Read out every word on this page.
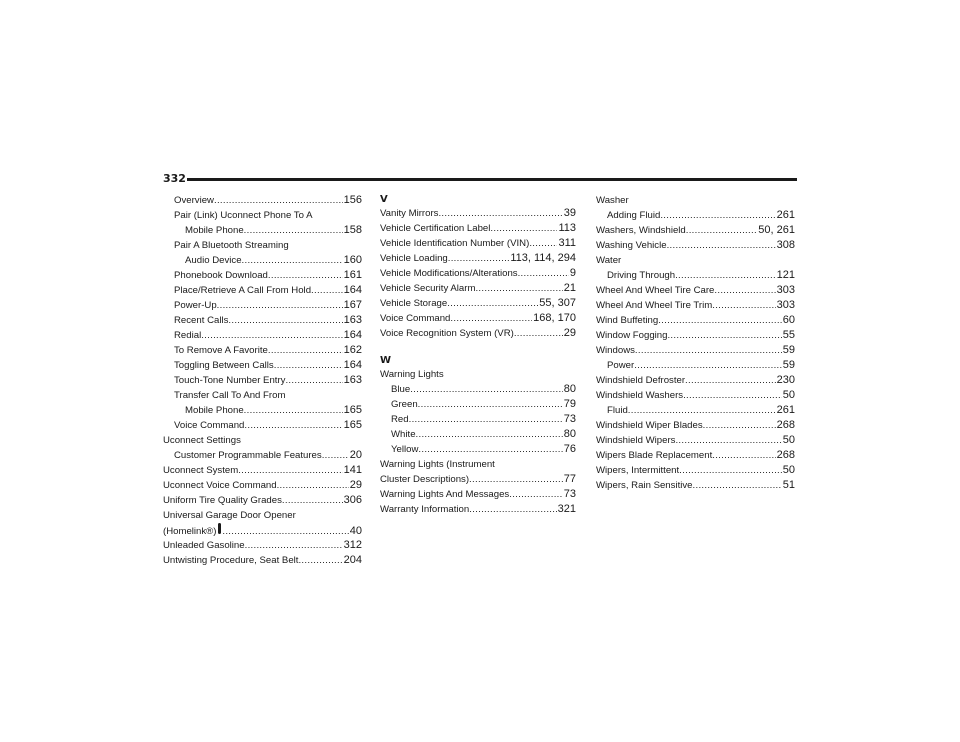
332
Overview .....	156
Pair (Link) Uconnect Phone To A
Mobile Phone .....	158
Pair A Bluetooth Streaming
Audio Device .....	160
Phonebook Download .....	161
Place/Retrieve A Call From Hold .....	164
Power-Up .....	167
Recent Calls .....	163
Redial .....	164
To Remove A Favorite .....	162
Toggling Between Calls .....	164
Touch-Tone Number Entry .....	163
Transfer Call To And From
Mobile Phone .....	165
Voice Command .....	165
Uconnect Settings
Customer Programmable Features .....	20
Uconnect System .....	141
Uconnect Voice Command .....	29
Uniform Tire Quality Grades .....	306
Universal Garage Door Opener
(Homelink®) .....	40
Unleaded Gasoline .....	312
Untwisting Procedure, Seat Belt .....	204
V
Vanity Mirrors .....	39
Vehicle Certification Label .....	113
Vehicle Identification Number (VIN) .....	311
Vehicle Loading .....	113, 114, 294
Vehicle Modifications/Alterations .....	9
Vehicle Security Alarm .....	21
Vehicle Storage .....	55, 307
Voice Command .....	168, 170
Voice Recognition System (VR) .....	29
W
Warning Lights
Blue .....	80
Green .....	79
Red .....	73
White .....	80
Yellow .....	76
Warning Lights (Instrument
Cluster Descriptions) .....	77
Warning Lights And Messages .....	73
Warranty Information .....	321
Washer
Adding Fluid .....	261
Washers, Windshield .....	50, 261
Washing Vehicle .....	308
Water
Driving Through .....	121
Wheel And Wheel Tire Care .....	303
Wheel And Wheel Tire Trim .....	303
Wind Buffeting .....	60
Window Fogging .....	55
Windows .....	59
Power .....	59
Windshield Defroster .....	230
Windshield Washers .....	50
Fluid .....	261
Windshield Wiper Blades .....	268
Windshield Wipers .....	50
Wipers Blade Replacement .....	268
Wipers, Intermittent .....	50
Wipers, Rain Sensitive .....	51
